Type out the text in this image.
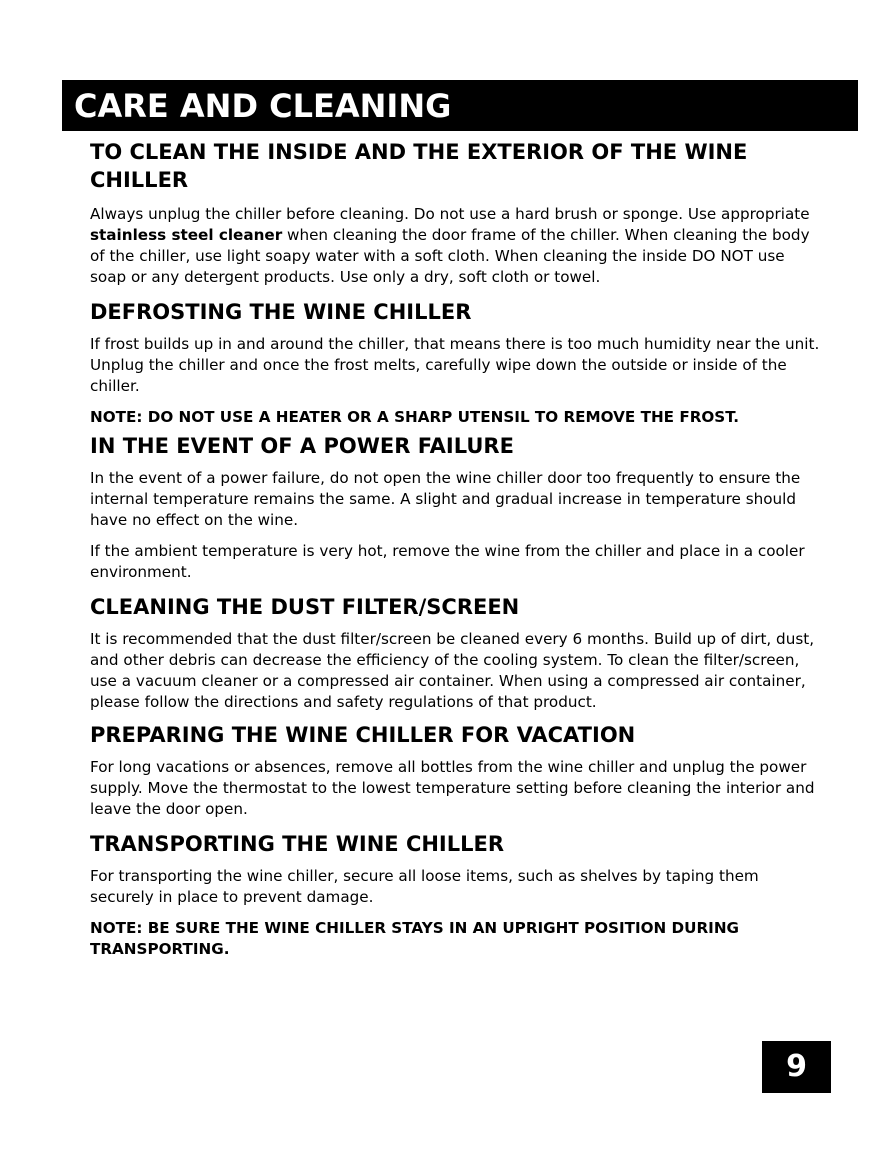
CARE AND CLEANING
TO CLEAN THE INSIDE AND THE EXTERIOR OF THE WINE CHILLER

Always unplug the chiller before cleaning. Do not use a hard brush or sponge. Use appropriate stainless steel cleaner when cleaning the door frame of the chiller. When cleaning the body of the chiller, use light soapy water with a soft cloth. When cleaning the inside DO NOT use soap or any detergent products. Use only a dry, soft cloth or towel.

DEFROSTING THE WINE CHILLER

If frost builds up in and around the chiller, that means there is too much humidity near the unit. Unplug the chiller and once the frost melts, carefully wipe down the outside or inside of the chiller.

NOTE: DO NOT USE A HEATER OR A SHARP UTENSIL TO REMOVE THE FROST.

IN THE EVENT OF A POWER FAILURE

In the event of a power failure, do not open the wine chiller door too frequently to ensure the internal temperature remains the same. A slight and gradual increase in temperature should have no effect on the wine.

If the ambient temperature is very hot, remove the wine from the chiller and place in a cooler environment.

CLEANING THE DUST FILTER/SCREEN

It is recommended that the dust filter/screen be cleaned every 6 months. Build up of dirt, dust, and other debris can decrease the efficiency of the cooling system. To clean the filter/screen, use a vacuum cleaner or a compressed air container. When using a compressed air container, please follow the directions and safety regulations of that product.

PREPARING THE WINE CHILLER FOR VACATION

For long vacations or absences, remove all bottles from the wine chiller and unplug the power supply. Move the thermostat to the lowest temperature setting before cleaning the interior and leave the door open.

TRANSPORTING THE WINE CHILLER

For transporting the wine chiller, secure all loose items, such as shelves by taping them securely in place to prevent damage.

NOTE: BE SURE THE WINE CHILLER STAYS IN AN UPRIGHT POSITION DURING TRANSPORTING.

9
